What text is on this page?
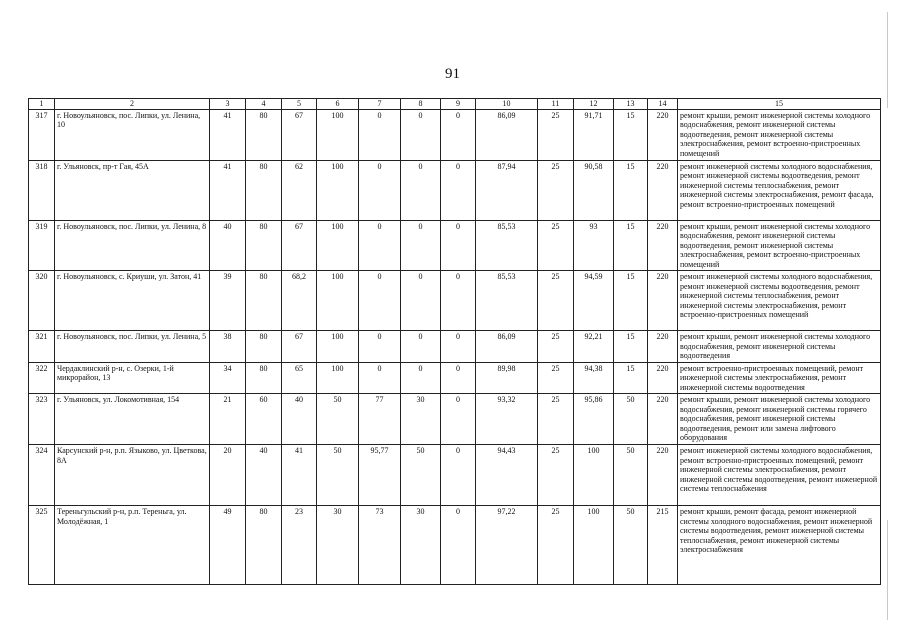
91
1	2	3	4	5	6	7	8	9	10	11	12	13	14	15
317	г. Новоульяновск, пос. Липки, ул. Ленина, 10	41	80	67	100	0	0	0	86,09	25	91,71	15	220	ремонт крыши, ремонт инженерной системы холодного водоснабжения, ремонт инженерной системы водоотведения, ремонт инженерной системы электроснабжения, ремонт встроенно-пристроенных помещений
318	г. Ульяновск, пр-т Гая, 45А	41	80	62	100	0	0	0	87,94	25	90,58	15	220	ремонт инженерной системы холодного водоснабжения, ремонт инженерной системы водоотведения, ремонт инженерной системы теплоснабжения, ремонт инженерной системы электроснабжения, ремонт фасада, ремонт встроенно-пристроенных помещений
319	г. Новоульяновск, пос. Липки, ул. Ленина, 8	40	80	67	100	0	0	0	85,53	25	93	15	220	ремонт крыши, ремонт инженерной системы холодного водоснабжения, ремонт инженерной системы водоотведения, ремонт инженерной системы электроснабжения, ремонт встроенно-пристроенных помещений
320	г. Новоульяновск, с. Криуши, ул. Затон, 41	39	80	68,2	100	0	0	0	85,53	25	94,59	15	220	ремонт инженерной системы холодного водоснабжения, ремонт инженерной системы водоотведения, ремонт инженерной системы теплоснабжения, ремонт инженерной системы электроснабжения, ремонт встроенно-пристроенных помещений
321	г. Новоульяновск, пос. Липки, ул. Ленина, 5	38	80	67	100	0	0	0	86,09	25	92,21	15	220	ремонт крыши, ремонт инженерной системы холодного водоснабжения, ремонт инженерной системы водоотведения
322	Чердаклинский р-н, с. Озерки, 1-й микрорайон, 13	34	80	65	100	0	0	0	89,98	25	94,38	15	220	ремонт встроенно-пристроенных помещений, ремонт инженерной системы электроснабжения, ремонт инженерной системы водоотведения
323	г. Ульяновск, ул. Локомотивная, 154	21	60	40	50	77	30	0	93,32	25	95,86	50	220	ремонт крыши, ремонт инженерной системы холодного водоснабжения, ремонт инженерной системы горячего водоснабжения, ремонт инженерной системы водоотведения, ремонт или замена лифтового оборудования
324	Карсунский р-н, р.п. Языково, ул. Цветкова, 8А	20	40	41	50	95,77	50	0	94,43	25	100	50	220	ремонт инженерной системы холодного водоснабжения, ремонт встроенно-пристроенных помещений, ремонт инженерной системы электроснабжения, ремонт инженерной системы водоотведения, ремонт инженерной системы теплоснабжения
325	Тереньгульский р-н, р.п. Тереньга, ул. Молодёжная, 1	49	80	23	30	73	30	0	97,22	25	100	50	215	ремонт крыши, ремонт фасада, ремонт инженерной системы холодного водоснабжения, ремонт инженерной системы водоотведения, ремонт инженерной системы теплоснабжения, ремонт инженерной системы электроснабжения
